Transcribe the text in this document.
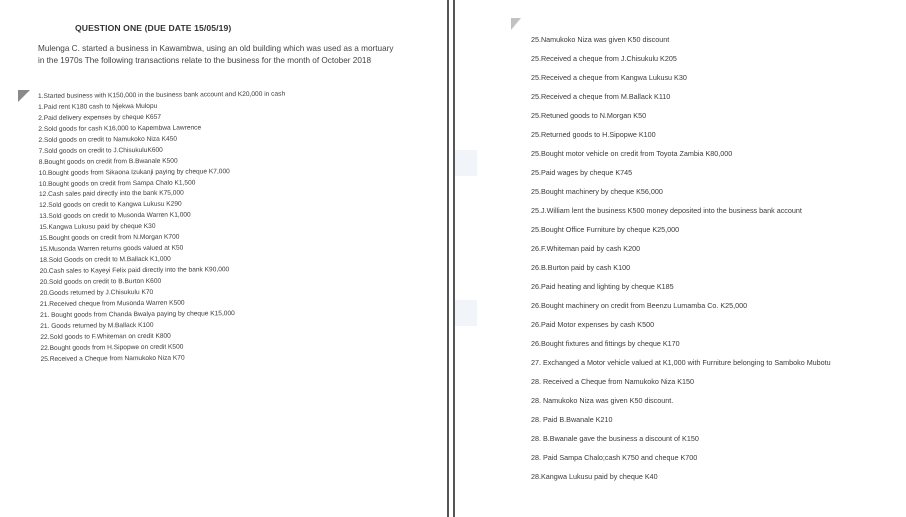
QUESTION ONE (DUE DATE 15/05/19)
Mulenga C. started a business in Kawambwa, using an old building which was used as a mortuary in the 1970s The following transactions relate to the business for the month of October 2018
1.Started business with K150,000 in the business bank account and K20,000 in cash
1.Paid rent K180 cash to Njekwa Mulopu
2.Paid delivery expenses by cheque K657
2.Sold goods for cash K16,000 to Kapembwa Lawrence
2.Sold goods on credit to Namukoko Niza K450
7.Sold goods on credit to J.ChisukuluK600
8.Bought goods on credit from B.Bwanale K500
10.Bought goods from Sikaona Izukanji paying by cheque K7,000
10.Bought goods on credit from Sampa Chalo K1,500
12.Cash sales paid directly into the bank K75,000
12.Sold goods on credit to Kangwa Lukusu K290
13.Sold goods on credit to Musonda Warren K1,000
15.Kangwa Lukusu paid by cheque K30
15.Bought goods on credit from N.Morgan K700
15.Musonda Warren returns goods valued at K50
18.Sold Goods on credit to M.Ballack K1,000
20.Cash sales to Kayeyi Felix paid directly into the bank K90,000
20.Sold goods on credit to B.Burton K600
20.Goods returned by J.Chisukulu K70
21.Received cheque from Musonda Warren K500
21. Bought goods from Chanda Bwalya paying by cheque K15,000
21. Goods returned by M.Ballack K100
22.Sold goods to F.Whiteman on credit K800
22.Bought goods from H.Sipopwe on credit K500
25.Received a Cheque from Namukoko Niza K70
25.Namukoko Niza was given K50 discount
25.Received a cheque from J.Chisukulu K205
25.Received a cheque from Kangwa Lukusu K30
25.Received a cheque from M.Ballack K110
25.Retuned goods to N.Morgan K50
25.Returned goods to H.Sipopwe K100
25.Bought motor vehicle on credit from Toyota Zambia K80,000
25.Paid wages by cheque K745
25.Bought machinery by cheque K56,000
25.J.William lent the business K500 money deposited into the business bank account
25.Bought Office Furniture by cheque K25,000
26.F.Whiteman paid by cash K200
26.B.Burton paid by cash K100
26.Paid heating and lighting by cheque K185
26.Bought machinery on credit from Beenzu Lumamba Co. K25,000
26.Paid Motor expenses by cash K500
26.Bought fixtures and fittings by cheque K170
27. Exchanged a Motor vehicle valued at K1,000 with Furniture belonging to Samboko Mubotu
28. Received a Cheque from Namukoko Niza K150
28. Namukoko Niza was given K50 discount.
28. Paid B.Bwanale K210
28. B.Bwanale gave the business a discount of K150
28. Paid Sampa Chalo;cash K750 and cheque K700
28.Kangwa Lukusu paid by cheque K40
